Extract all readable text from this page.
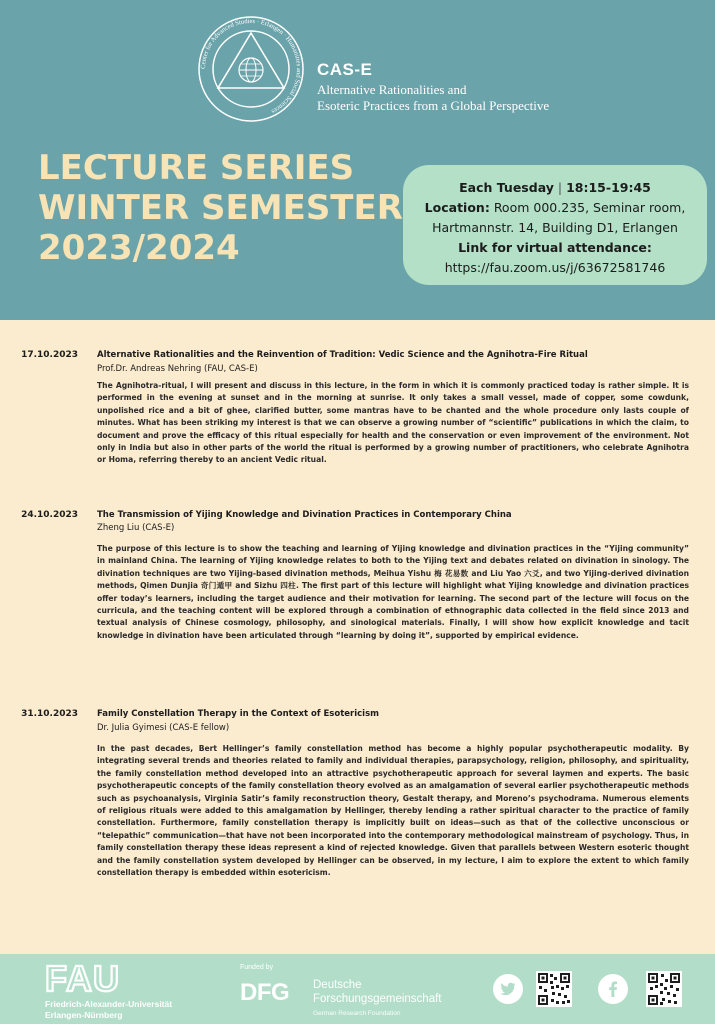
Center for Advanced Studies · Erlangen · Humanities and Social Sciences
CAS-E
Alternative Rationalities and
Esoteric Practices from a Global Perspective
LECTURE SERIES
WINTER SEMESTER
2023/2024
Each Tuesday | 18:15-19:45
Location: Room 000.235, Seminar room,
Hartmannstr. 14, Building D1, Erlangen
Link for virtual attendance:
https://fau.zoom.us/j/63672581746
17.10.2023 Alternative Rationalities and the Reinvention of Tradition: Vedic Science and the Agnihotra-Fire Ritual
Prof.Dr. Andreas Nehring (FAU, CAS-E)
The Agnihotra-ritual, I will present and discuss in this lecture, in the form in which it is commonly practiced today is rather simple. It is performed in the evening at sunset and in the morning at sunrise. It only takes a small vessel, made of copper, some cowdunk, unpolished rice and a bit of ghee, clarified butter, some mantras have to be chanted and the whole procedure only lasts couple of minutes. What has been striking my interest is that we can observe a growing number of “scientific” publications in which the claim, to document and prove the efficacy of this ritual especially for health and the conservation or even improvement of the environment. Not only in India but also in other parts of the world the ritual is performed by a growing number of practitioners, who celebrate Agnihotra or Homa, referring thereby to an ancient Vedic ritual.
24.10.2023 The Transmission of Yijing Knowledge and Divination Practices in Contemporary China
Zheng Liu (CAS-E)
The purpose of this lecture is to show the teaching and learning of Yijing knowledge and divination practices in the “Yijing community” in mainland China. The learning of Yijing knowledge relates to both to the Yijing text and debates related on divination in sinology. The divination techniques are two Yijing-based divination methods, Meihua Yishu 梅 花易数 and Liu Yao 六爻, and two Yijing-derived divination methods, Qimen Dunjia 奇门遁甲 and Sizhu 四柱. The first part of this lecture will highlight what Yijing knowledge and divination practices offer today’s learners, including the target audience and their motivation for learning. The second part of the lecture will focus on the curricula, and the teaching content will be explored through a combination of ethnographic data collected in the field since 2013 and textual analysis of Chinese cosmology, philosophy, and sinological materials. Finally, I will show how explicit knowledge and tacit knowledge in divination have been articulated through “learning by doing it”, supported by empirical evidence.
31.10.2023 Family Constellation Therapy in the Context of Esotericism
Dr. Julia Gyimesi (CAS-E fellow)
In the past decades, Bert Hellinger’s family constellation method has become a highly popular psychotherapeutic modality. By integrating several trends and theories related to family and individual therapies, parapsychology, religion, philosophy, and spirituality, the family constellation method developed into an attractive psychotherapeutic approach for several laymen and experts. The basic psychotherapeutic concepts of the family constellation theory evolved as an amalgamation of several earlier psychotherapeutic methods such as psychoanalysis, Virginia Satir’s family reconstruction theory, Gestalt therapy, and Moreno’s psychodrama. Numerous elements of religious rituals were added to this amalgamation by Hellinger, thereby lending a rather spiritual character to the practice of family constellation. Furthermore, family constellation therapy is implicitly built on ideas—such as that of the collective unconscious or “telepathic” communication—that have not been incorporated into the contemporary methodological mainstream of psychology. Thus, in family constellation therapy these ideas represent a kind of rejected knowledge. Given that parallels between Western esoteric thought and the family constellation system developed by Hellinger can be observed, in my lecture, I aim to explore the extent to which family constellation therapy is embedded within esotericism.
FAU
Friedrich-Alexander-Universität
Erlangen-Nürnberg
Funded by
DFG Deutsche
Forschungsgemeinschaft
German Research Foundation
